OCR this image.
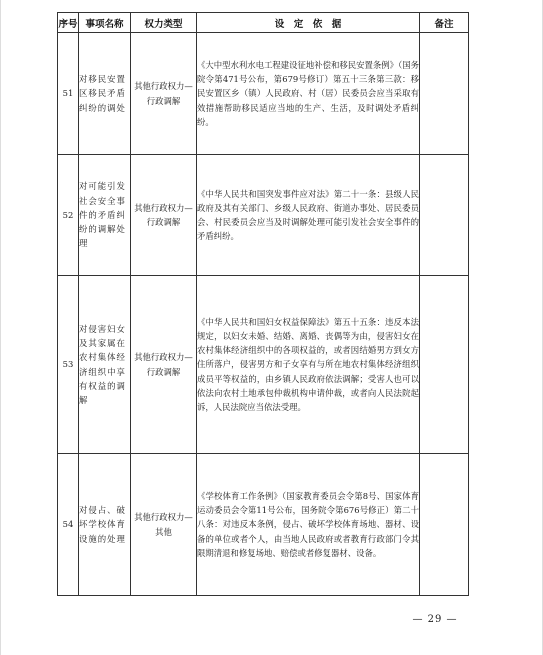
序号	事项名称	权力类型	设　定　依　据	备注
51	对移民安置区移民矛盾纠纷的调处	其他行政权力—行政调解	《大中型水利水电工程建设征地补偿和移民安置条例》（国务院令第471号公布，第679号修订）第五十三条第三款：移民安置区乡（镇）人民政府、村（居）民委员会应当采取有效措施帮助移民适应当地的生产、生活，及时调处矛盾纠纷。	
52	对可能引发社会安全事件的矛盾纠纷的调解处理	其他行政权力—行政调解	《中华人民共和国突发事件应对法》第二十一条：县级人民政府及其有关部门、乡级人民政府、街道办事处、居民委员会、村民委员会应当及时调解处理可能引发社会安全事件的矛盾纠纷。	
53	对侵害妇女及其家属在农村集体经济组织中享有权益的调解	其他行政权力—行政调解	《中华人民共和国妇女权益保障法》第五十五条：违反本法规定，以妇女未婚、结婚、离婚、丧偶等为由，侵害妇女在农村集体经济组织中的各项权益的，或者因结婚男方到女方住所落户，侵害男方和子女享有与所在地农村集体经济组织成员平等权益的，由乡镇人民政府依法调解；受害人也可以依法向农村土地承包仲裁机构申请仲裁，或者向人民法院起诉，人民法院应当依法受理。	
54	对侵占、破坏学校体育设施的处理	其他行政权力—其他	《学校体育工作条例》（国家教育委员会令第8号、国家体育运动委员会令第11号公布，国务院令第676号修正）第二十八条：对违反本条例，侵占、破坏学校体育场地、器材、设备的单位或者个人，由当地人民政府或者教育行政部门令其限期清退和修复场地、赔偿或者修复器材、设备。	
— 29 —
